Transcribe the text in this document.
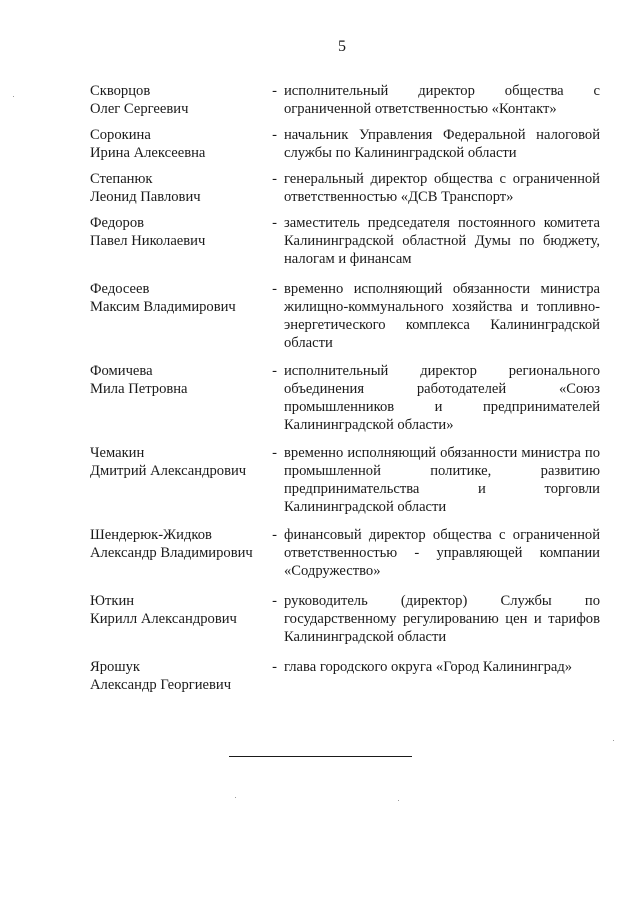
5
Скворцов
Олег Сергеевич
- исполнительный директор общества с ограниченной ответственностью «Контакт»
Сорокина
Ирина Алексеевна
- начальник Управления Федеральной налоговой службы по Калининградской области
Степанюк
Леонид Павлович
- генеральный директор общества с ограниченной ответственностью «ДСВ Транспорт»
Федоров
Павел Николаевич
- заместитель председателя постоянного комитета Калининградской областной Думы по бюджету, налогам и финансам
Федосеев
Максим Владимирович
- временно исполняющий обязанности министра жилищно-коммунального хозяйства и топливно-энергетического комплекса Калининградской области
Фомичева
Мила Петровна
- исполнительный директор регионального объединения работодателей «Союз промышленников и предпринимателей Калининградской области»
Чемакин
Дмитрий Александрович
- временно исполняющий обязанности министра по промышленной политике, развитию предпринимательства и торговли Калининградской области
Шендерюк-Жидков
Александр Владимирович
- финансовый директор общества с ограниченной ответственностью - управляющей компании «Содружество»
Юткин
Кирилл Александрович
- руководитель (директор) Службы по государственному регулированию цен и тарифов Калининградской области
Ярошук
Александр Георгиевич
- глава городского округа «Город Калининград»
